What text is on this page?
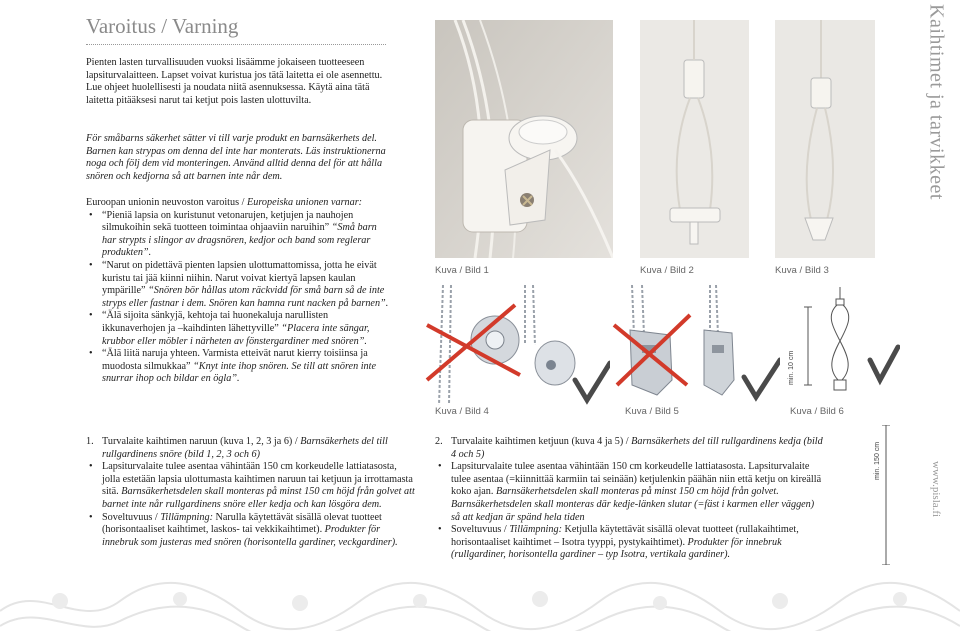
Varoitus / Varning
Pienten lasten turvallisuuden vuoksi lisäämme jokaiseen tuotteeseen lapsiturvalaitteen. Lapset voivat kuristua jos tätä laitetta ei ole asennettu. Lue ohjeet huolellisesti ja noudata niitä asennuksessa. Käytä aina tätä laitetta pitääksesi narut tai ketjut pois lasten ulottuvilta.
För småbarns säkerhet sätter vi till varje produkt en barnsäkerhets del. Barnen kan strypas om denna del inte har monterats. Läs instruktionerna noga och följ dem vid monteringen. Använd alltid denna del för att hålla snören och kedjorna så att barnen inte når dem.
Euroopan unionin neuvoston varoitus / Europeiska unionen varnar:
• “Pieniä lapsia on kuristunut vetonarujen, ketjujen ja nauhojen silmukoihin sekä tuotteen toimintaa ohjaaviin naruihin” “Små barn har strypts i slingor av dragsnören, kedjor och band som reglerar produkten”.
• “Narut on pidettävä pienten lapsien ulottumattomissa, jotta he eivät kuristu tai jää kiinni niihin. Narut voivat kiertyä lapsen kaulan ympärille” “Snören bör hållas utom räckvidd för små barn så de inte stryps eller fastnar i dem. Snören kan hamna runt nacken på barnen”.
• “Älä sijoita sänkyjä, kehtoja tai huonekaluja narullisten ikkunaverhojen ja –kaihdinten lähettyville” “Placera inte sängar, krubbor eller möbler i närheten av fönstergardiner med snören”.
• “Älä liitä naruja yhteen. Varmista etteivät narut kierry toisiinsa ja muodosta silmukkaa” “Knyt inte ihop snören. Se till att snören inte snurrar ihop och bildar en ögla”.
Kuva / Bild 1	Kuva / Bild 2	Kuva / Bild 3
Kuva / Bild 4	Kuva / Bild 5
min. 10 cm
Kuva / Bild 6
min. 150 cm
1. Turvalaite kaihtimen naruun (kuva 1, 2, 3 ja 6) / Barnsäkerhets del till rullgardinens snöre (bild 1, 2, 3 och 6)
• Lapsiturvalaite tulee asentaa vähintään 150 cm korkeudelle lattiatasosta, jolla estetään lapsia ulottumasta kaihtimen naruun tai ketjuun ja irrottamasta sitä. Barnsäkerhetsdelen skall monteras på minst 150 cm höjd från golvet att barnet inte når rullgardinens snöre eller kedja och kan lösgöra dem.
• Soveltuvuus / Tillämpning: Narulla käytettävät sisällä olevat tuotteet (horisontaaliset kaihtimet, laskos- tai vekkikaihtimet). Produkter för innebruk som justeras med snören (horisontella gardiner, veckgardiner).
2. Turvalaite kaihtimen ketjuun (kuva 4 ja 5) / Barnsäkerhets del till rullgardinens kedja (bild 4 och 5)
• Lapsiturvalaite tulee asentaa vähintään 150 cm korkeudelle lattiatasosta. Lapsiturvalaite tulee asentaa (=kiinnittää karmiin tai seinään) ketjulenkin päähän niin että ketju on kireällä koko ajan. Barnsäkerhetsdelen skall monteras på minst 150 cm höjd från golvet. Barnsäkerhetsdelen skall monteras där kedje-länken slutar (=fäst i karmen eller väggen) så att kedjan är spänd hela tiden
• Soveltuvuus / Tillämpning: Ketjulla käytettävät sisällä olevat tuotteet (rullakaihtimet, horisontaaliset kaihtimet – Isotra tyyppi, pystykaihtimet). Produkter för innebruk (rullgardiner, horisontella gardiner – typ Isotra, vertikala gardiner).
Kaihtimet ja tarvikkeet
www.pisla.fi
